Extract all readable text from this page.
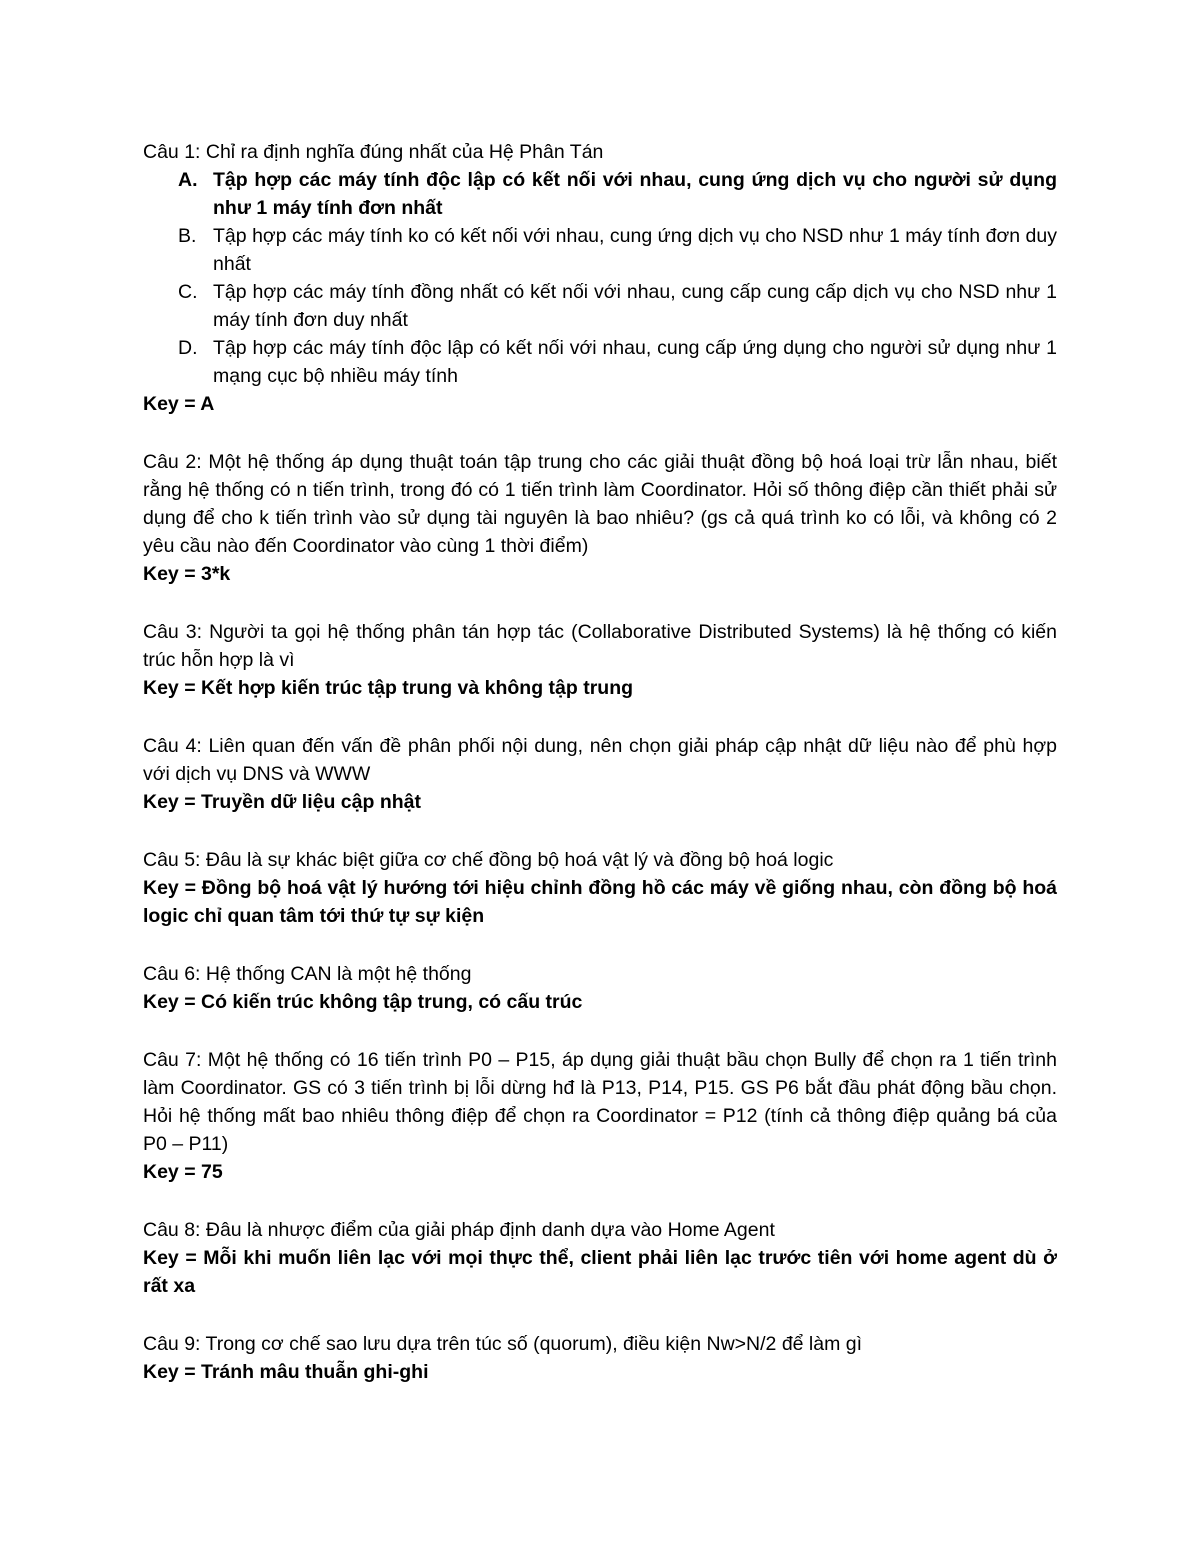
Câu 1: Chỉ ra định nghĩa đúng nhất của Hệ Phân Tán

A. Tập hợp các máy tính độc lập có kết nối với nhau, cung ứng dịch vụ cho người sử dụng như 1 máy tính đơn nhất
B. Tập hợp các máy tính ko có kết nối với nhau, cung ứng dịch vụ cho NSD như 1 máy tính đơn duy nhất
C. Tập hợp các máy tính đồng nhất có kết nối với nhau, cung cấp cung cấp dịch vụ cho NSD như 1 máy tính đơn duy nhất
D. Tập hợp các máy tính độc lập có kết nối với nhau, cung cấp ứng dụng cho người sử dụng như 1 mạng cục bộ nhiều máy tính

Key = A

Câu 2: Một hệ thống áp dụng thuật toán tập trung cho các giải thuật đồng bộ hoá loại trừ lẫn nhau, biết rằng hệ thống có n tiến trình, trong đó có 1 tiến trình làm Coordinator. Hỏi số thông điệp cần thiết phải sử dụng để cho k tiến trình vào sử dụng tài nguyên là bao nhiêu? (gs cả quá trình ko có lỗi, và không có 2 yêu cầu nào đến Coordinator vào cùng 1 thời điểm)

Key = 3*k

Câu 3: Người ta gọi hệ thống phân tán hợp tác (Collaborative Distributed Systems) là hệ thống có kiến trúc hỗn hợp là vì

Key = Kết hợp kiến trúc tập trung và không tập trung

Câu 4: Liên quan đến vấn đề phân phối nội dung, nên chọn giải pháp cập nhật dữ liệu nào để phù hợp với dịch vụ DNS và WWW

Key = Truyền dữ liệu cập nhật

Câu 5: Đâu là sự khác biệt giữa cơ chế đồng bộ hoá vật lý và đồng bộ hoá logic

Key = Đồng bộ hoá vật lý hướng tới hiệu chỉnh đồng hồ các máy về giống nhau, còn đồng bộ hoá logic chỉ quan tâm tới thứ tự sự kiện

Câu 6: Hệ thống CAN là một hệ thống

Key = Có kiến trúc không tập trung, có cấu trúc

Câu 7: Một hệ thống có 16 tiến trình P0 – P15, áp dụng giải thuật bầu chọn Bully để chọn ra 1 tiến trình làm Coordinator. GS có 3 tiến trình bị lỗi dừng hđ là P13, P14, P15. GS P6 bắt đầu phát động bầu chọn. Hỏi hệ thống mất bao nhiêu thông điệp để chọn ra Coordinator = P12 (tính cả thông điệp quảng bá của P0 – P11)

Key = 75

Câu 8: Đâu là nhược điểm của giải pháp định danh dựa vào Home Agent

Key = Mỗi khi muốn liên lạc với mọi thực thể, client phải liên lạc trước tiên với home agent dù ở rất xa

Câu 9: Trong cơ chế sao lưu dựa trên túc số (quorum), điều kiện Nw>N/2 để làm gì

Key = Tránh mâu thuẫn ghi-ghi
